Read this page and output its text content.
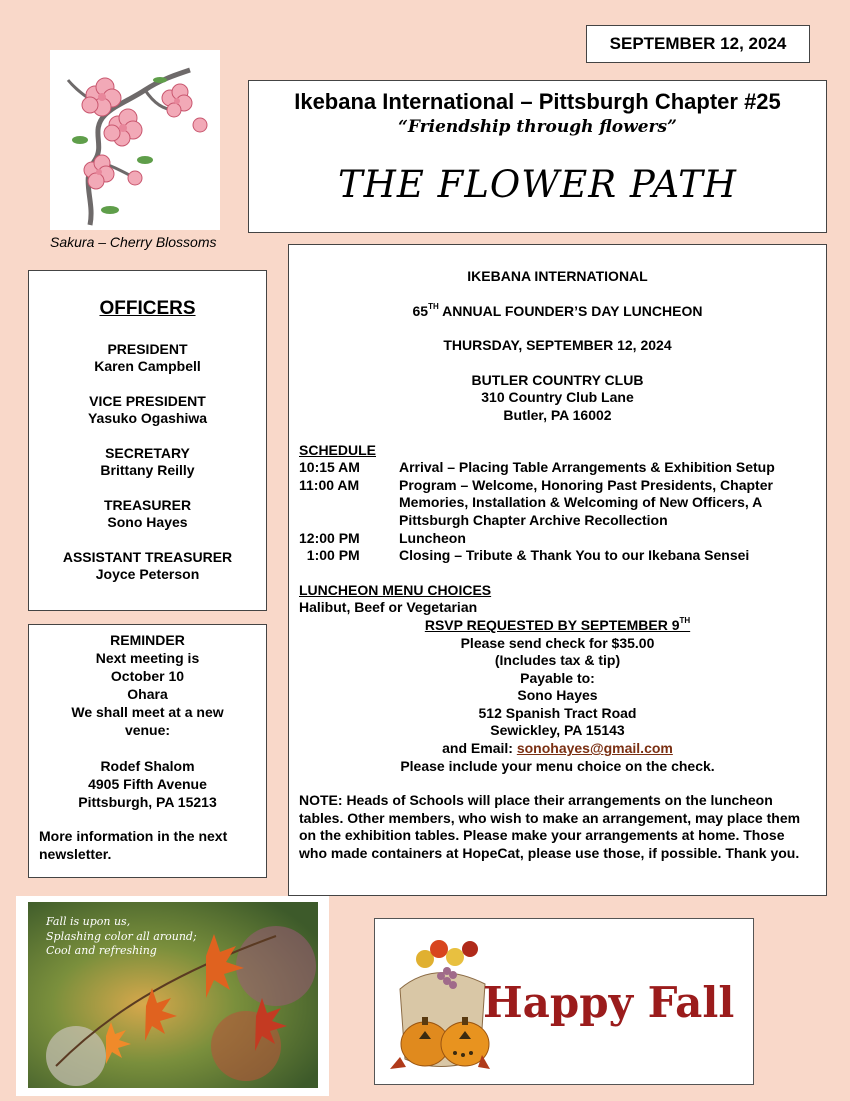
SEPTEMBER 12, 2024
Sakura – Cherry Blossoms
Ikebana International – Pittsburgh Chapter #25
“Friendship through flowers”
THE FLOWER PATH
OFFICERS
PRESIDENT
Karen Campbell
VICE PRESIDENT
Yasuko Ogashiwa
SECRETARY
Brittany Reilly
TREASURER
Sono Hayes
ASSISTANT TREASURER
Joyce Peterson
REMINDER
Next meeting is
October 10
Ohara
We shall meet at a new
venue:
Rodef Shalom
4905 Fifth Avenue
Pittsburgh, PA 15213
More information in the next newsletter.
IKEBANA INTERNATIONAL
65TH ANNUAL FOUNDER’S DAY LUNCHEON
THURSDAY, SEPTEMBER 12, 2024
BUTLER COUNTRY CLUB
310 Country Club Lane
Butler, PA 16002
SCHEDULE
10:15 AM	Arrival – Placing Table Arrangements & Exhibition Setup
11:00 AM	Program – Welcome, Honoring Past Presidents, Chapter Memories, Installation & Welcoming of New Officers, A Pittsburgh Chapter Archive Recollection
12:00 PM	Luncheon
1:00 PM	Closing – Tribute & Thank You to our Ikebana Sensei
LUNCHEON MENU CHOICES
Halibut, Beef or Vegetarian
RSVP REQUESTED BY SEPTEMBER 9TH
Please send check for $35.00
(Includes tax & tip)
Payable to:
Sono Hayes
512 Spanish Tract Road
Sewickley, PA 15143
and Email: sonohayes@gmail.com
Please include your menu choice on the check.
NOTE: Heads of Schools will place their arrangements on the luncheon tables. Other members, who wish to make an arrangement, may place them on the exhibition tables. Please make your arrangements at home. Those who made containers at HopeCat, please use those, if possible. Thank you.
Fall is upon us,
Splashing color all around;
Cool and refreshing
Happy Fall
